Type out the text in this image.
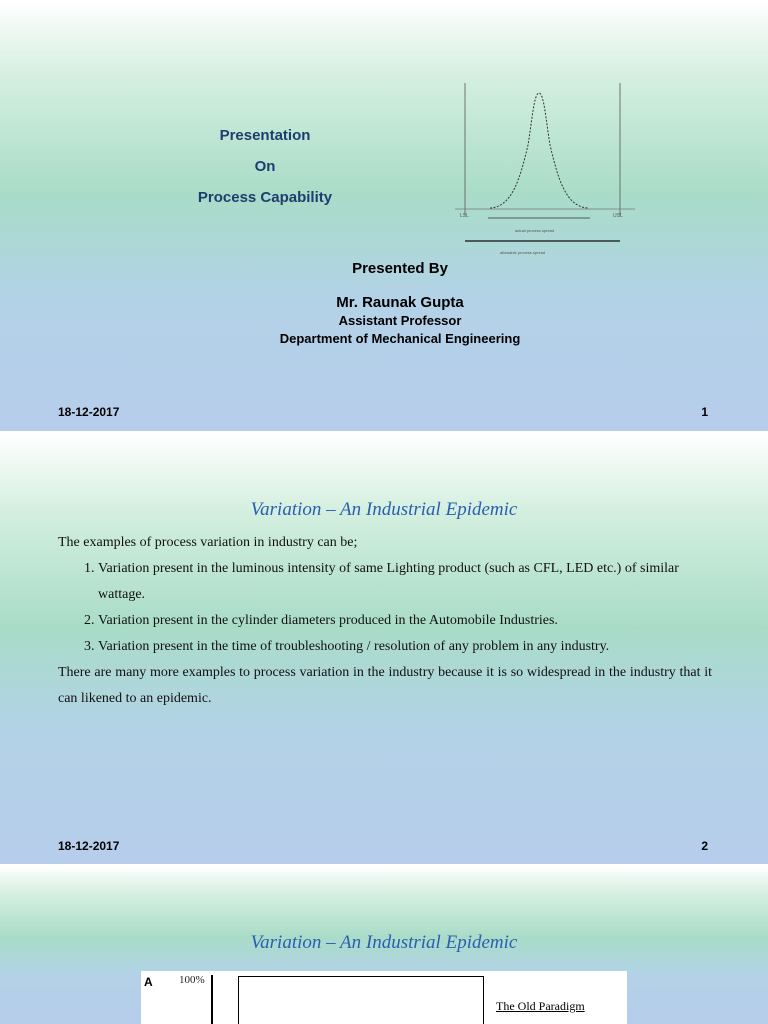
Presentation
On
Process Capability
LSL	USL
actual process spread
allowable process spread
Presented By
Mr. Raunak Gupta
Assistant Professor
Department of Mechanical Engineering
18-12-2017	1
Variation – An Industrial Epidemic

The examples of process variation in industry can be;

1. Variation present in the luminous intensity of same Lighting product (such as CFL, LED etc.) of similar wattage.
2. Variation present in the cylinder diameters produced in the Automobile Industries.
3. Variation present in the time of troubleshooting / resolution of any problem in any industry.

There are many more examples to process variation in the industry because it is so widespread in the industry that it can likened to an epidemic.

18-12-2017	2
Variation – An Industrial Epidemic
A 100%
The Old Paradigm
